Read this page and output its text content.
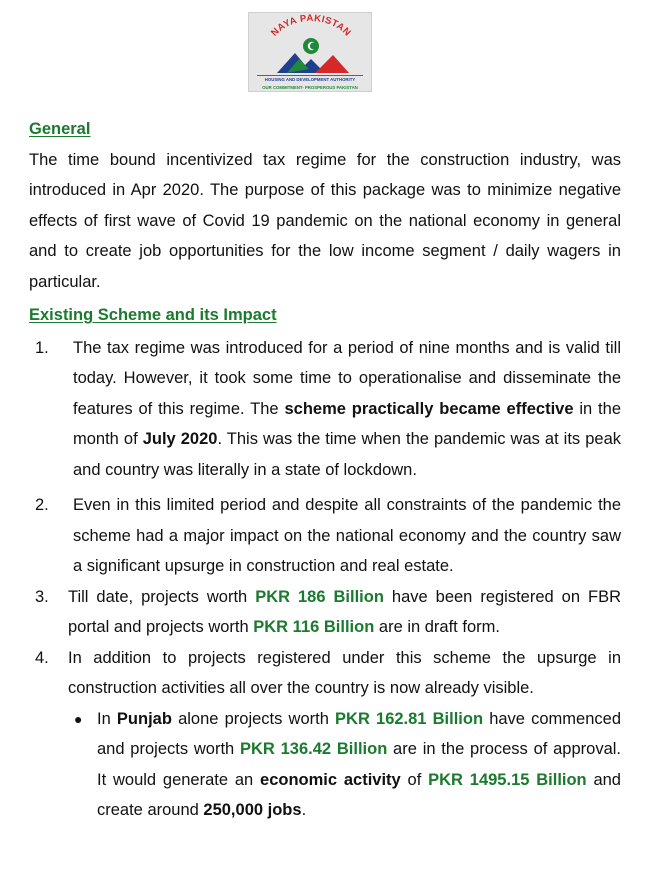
NAYA PAKISTAN
HOUSING AND DEVELOPMENT AUTHORITY
OUR COMMITMENT- PROSPEROUS PAKISTAN

General

The time bound incentivized tax regime for the construction industry, was introduced in Apr 2020. The purpose of this package was to minimize negative effects of first wave of Covid 19 pandemic on the national economy in general and to create job opportunities for the low income segment / daily wagers in particular.

Existing Scheme and its Impact

1. The tax regime was introduced for a period of nine months and is valid till today. However, it took some time to operationalise and disseminate the features of this regime. The scheme practically became effective in the month of July 2020. This was the time when the pandemic was at its peak and country was literally in a state of lockdown.

2. Even in this limited period and despite all constraints of the pandemic the scheme had a major impact on the national economy and the country saw a significant upsurge in construction and real estate.

3. Till date, projects worth PKR 186 Billion have been registered on FBR portal and projects worth PKR 116 Billion are in draft form.

4. In addition to projects registered under this scheme the upsurge in construction activities all over the country is now already visible.

● In Punjab alone projects worth PKR 162.81 Billion have commenced and projects worth PKR 136.42 Billion are in the process of approval. It would generate an economic activity of PKR 1495.15 Billion and create around 250,000 jobs.
